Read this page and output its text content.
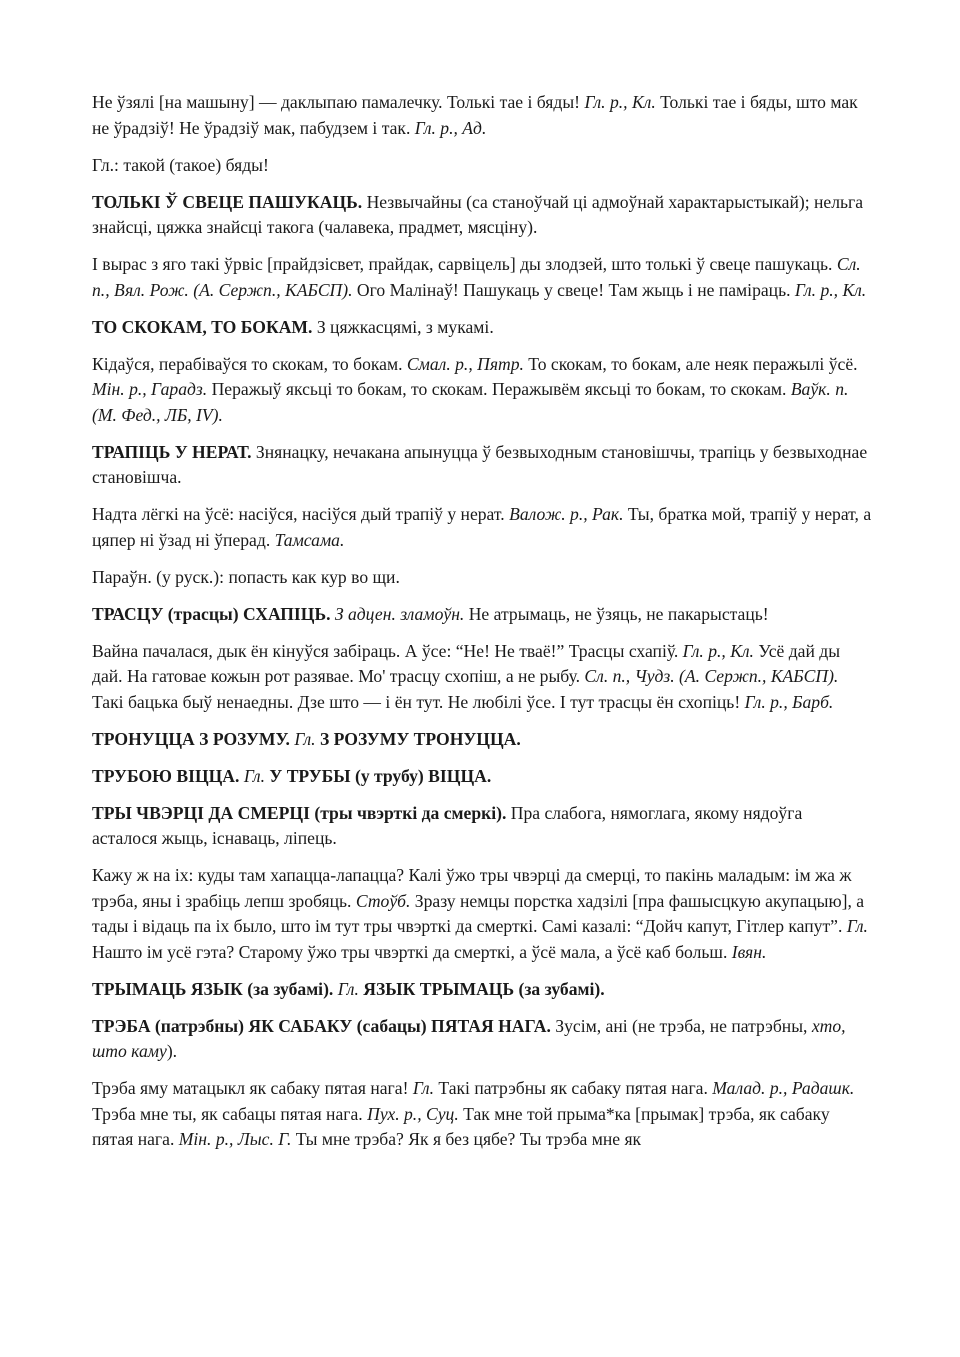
Не ўзялі [на машыну] — даклыпаю памалечку. Толькі тае і бяды! Гл. р., Кл. Толькі тае і бяды, што мак не ўрадзіў! Не ўрадзіў мак, пабудзем і так. Гл. р., Ад.

Гл.: такой (такое) бяды!

ТОЛЬКІ Ў СВЕЦЕ ПАШУКАЦЬ. Незвычайны (са станоўчай ці адмоўнай характарыстыкай); нельга знайсці, цяжка знайсці такога (чалавека, прадмет, мясціну).

І вырас з яго такі ўрвіс [прайдзісвет, прайдак, сарвіцель] ды злодзей, што толькі ў свеце пашукаць. Сл. п., Вял. Рож. (А. Сержп., КАБСП). Ого Малінаў! Пашукаць у свеце! Там жыць і не паміраць. Гл. р., Кл.

ТО СКОКАМ, ТО БОКАМ. З цяжкасцямі, з мукамі.

Кідаўся, перабіваўся то скокам, то бокам. Смал. р., Пятр. То скокам, то бокам, але неяк перажылі ўсё. Мін. р., Гарадз. Перажыў яксьці то бокам, то скокам. Перажывём яксьці то бокам, то скокам. Ваўк. п. (М. Фед., ЛБ, IV).

ТРАПІЦЬ У НЕРАТ. Знянацку, нечакана апынуцца ў безвыходным становішчы, трапіць у безвыходнае становішча.

Надта лёгкі на ўсё: насіўся, насіўся дый трапіў у нерат. Валож. р., Рак. Ты, братка мой, трапіў у нерат, а цяпер ні ўзад ні ўперад. Тамсама.

Параўн. (у руск.): попасть как кур во щи.

ТРАСЦУ (трасцы) СХАПІЦЬ. З адцен. зламоўн. Не атрымаць, не ўзяць, не пакарыстаць!

Вайна пачалася, дык ён кінуўся забіраць. А ўсе: “Не! Не тваё!” Трасцы схапіў. Гл. р., Кл. Усё дай ды дай. На гатовае кожын рот разявае. Мо' трасцу схопіш, а не рыбу. Сл. п., Чудз. (А. Сержп., КАБСП). Такі бацька быў ненаедны. Дзе што — і ён тут. Не любілі ўсе. І тут трасцы ён схопіць! Гл. р., Барб.

ТРОНУЦЦА З РОЗУМУ. Гл. З РОЗУМУ ТРОНУЦЦА.

ТРУБОЮ ВІЦЦА. Гл. У ТРУБЫ (у трубу) ВІЦЦА.

ТРЫ ЧВЭРЦІ ДА СМЕРЦІ (тры чвэрткі да смеркі). Пра слабога, нямоглага, якому нядоўга асталося жыць, існаваць, ліпець.

Кажу ж на іх: куды там хапацца-лапацца? Калі ўжо тры чвэрці да смерці, то пакінь маладым: ім жа ж трэба, яны і зрабіць лепш зробяць. Стоўб. Зразу немцы порстка хадзілі [пра фашысцкую акупацыю], а тады і відаць па іх было, што ім тут тры чвэрткі да смерткі. Самі казалі: “Дойч капут, Гітлер капут”. Гл. Нашто ім усё гэта? Старому ўжо тры чвэрткі да смерткі, а ўсё мала, а ўсё каб больш. Івян.

ТРЫМАЦЬ ЯЗЫК (за зубамі). Гл. ЯЗЫК ТРЫМАЦЬ (за зубамі).

ТРЭБА (патрэбны) ЯК САБАКУ (сабацы) ПЯТАЯ НАГА. Зусім, ані (не трэба, не патрэбны, хто, што каму).

Трэба яму матацыкл як сабаку пятая нага! Гл. Такі патрэбны як сабаку пятая нага. Малад. р., Радашк. Трэба мне ты, як сабацы пятая нага. Пух. р., Суц. Так мне той прыма*ка [прымак] трэба, як сабаку пятая нага. Мін. р., Лыс. Г. Ты мне трэба? Як я без цябе? Ты трэба мне як
